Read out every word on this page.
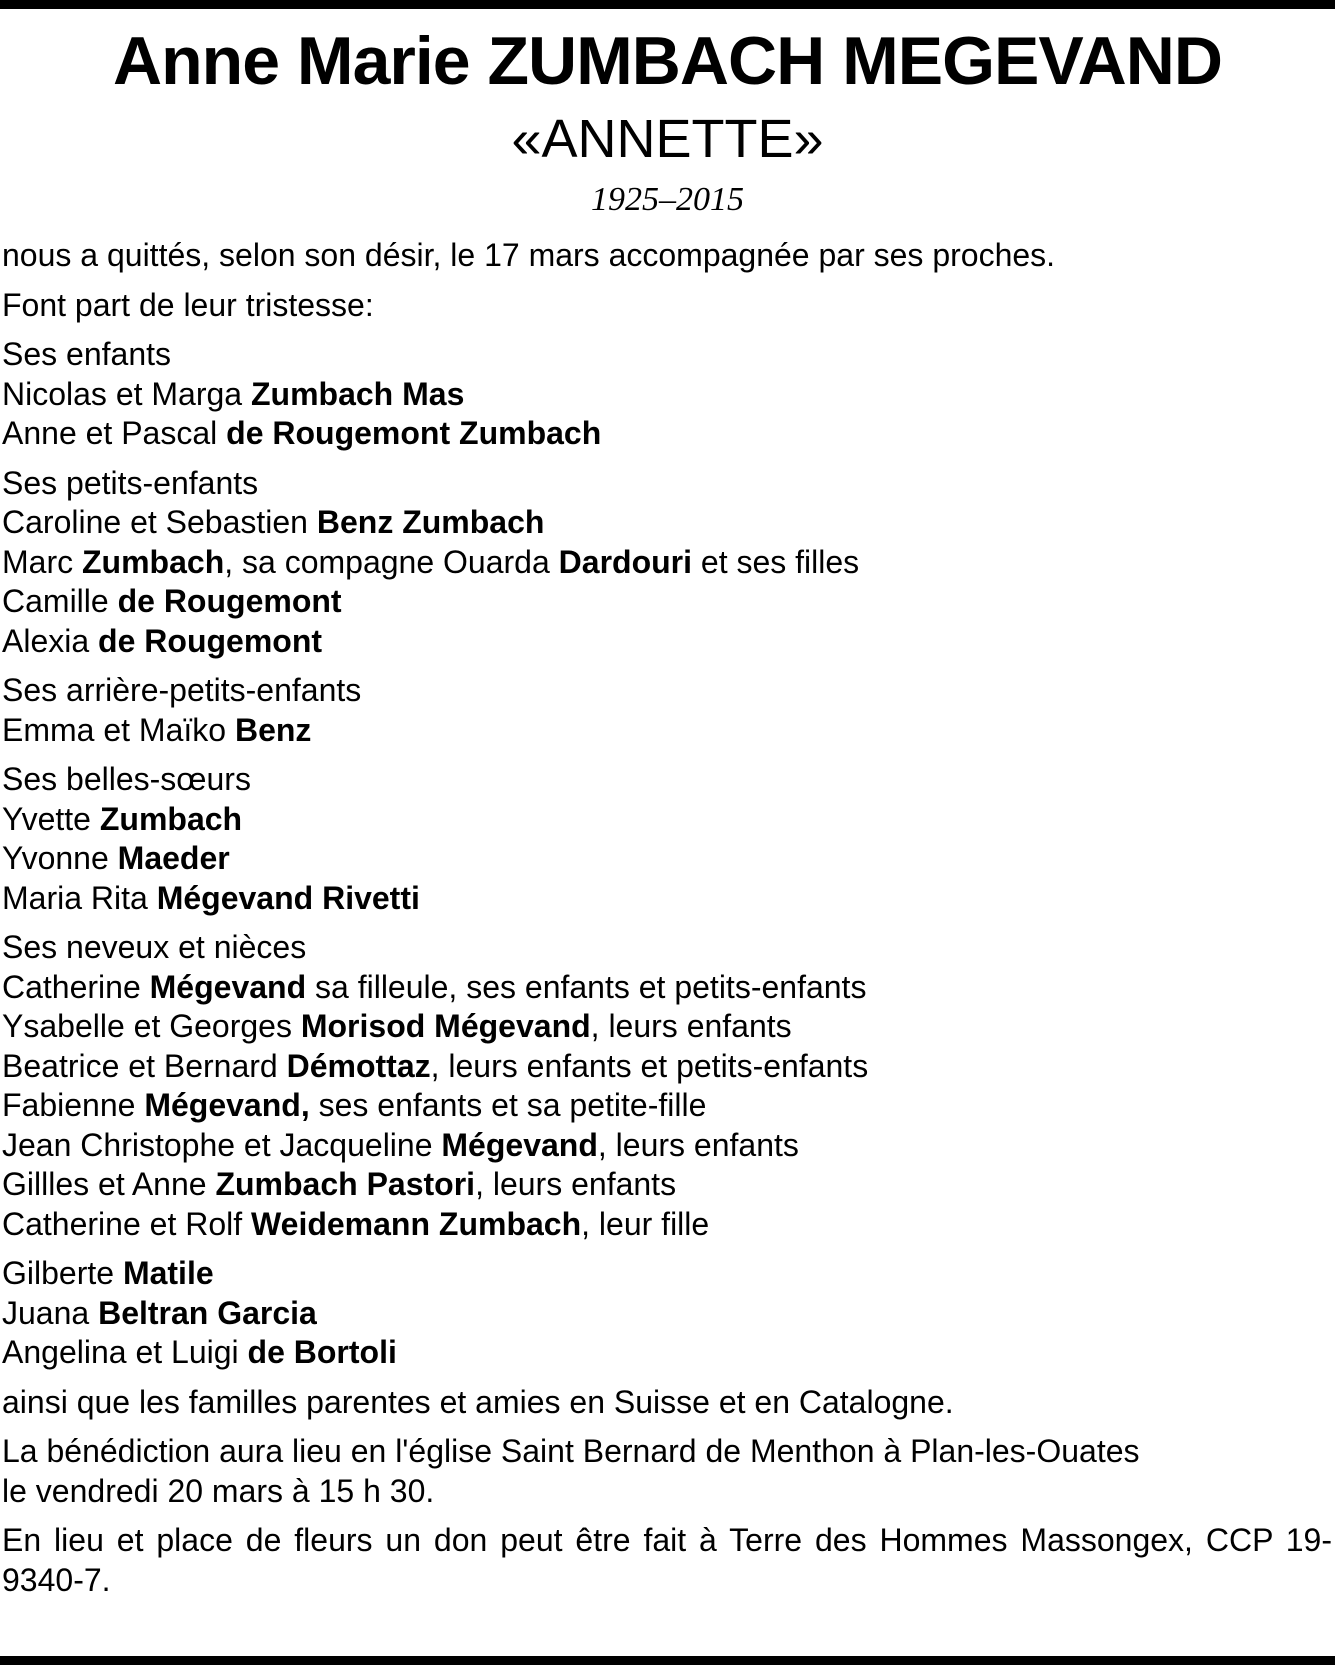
Anne Marie ZUMBACH MEGEVAND
«ANNETTE»
1925–2015
nous a quittés, selon son désir, le 17 mars accompagnée par ses proches.
Font part de leur tristesse:
Ses enfants
Nicolas et Marga Zumbach Mas
Anne et Pascal de Rougemont Zumbach
Ses petits-enfants
Caroline et Sebastien Benz Zumbach
Marc Zumbach, sa compagne Ouarda Dardouri et ses filles
Camille de Rougemont
Alexia de Rougemont
Ses arrière-petits-enfants
Emma et Maïko Benz
Ses belles-sœurs
Yvette Zumbach
Yvonne Maeder
Maria Rita Mégevand Rivetti
Ses neveux et nièces
Catherine Mégevand sa filleule, ses enfants et petits-enfants
Ysabelle et Georges Morisod Mégevand, leurs enfants
Beatrice et Bernard Démottaz, leurs enfants et petits-enfants
Fabienne Mégevand, ses enfants et sa petite-fille
Jean Christophe et Jacqueline Mégevand, leurs enfants
Gillles et Anne Zumbach Pastori, leurs enfants
Catherine et Rolf Weidemann Zumbach, leur fille
Gilberte Matile
Juana Beltran Garcia
Angelina et Luigi de Bortoli
ainsi que les familles parentes et amies en Suisse et en Catalogne.
La bénédiction aura lieu en l'église Saint Bernard de Menthon à Plan-les-Ouates
le vendredi 20 mars à 15 h 30.
En lieu et place de fleurs un don peut être fait à Terre des Hommes Massongex, CCP 19-9340-7.
